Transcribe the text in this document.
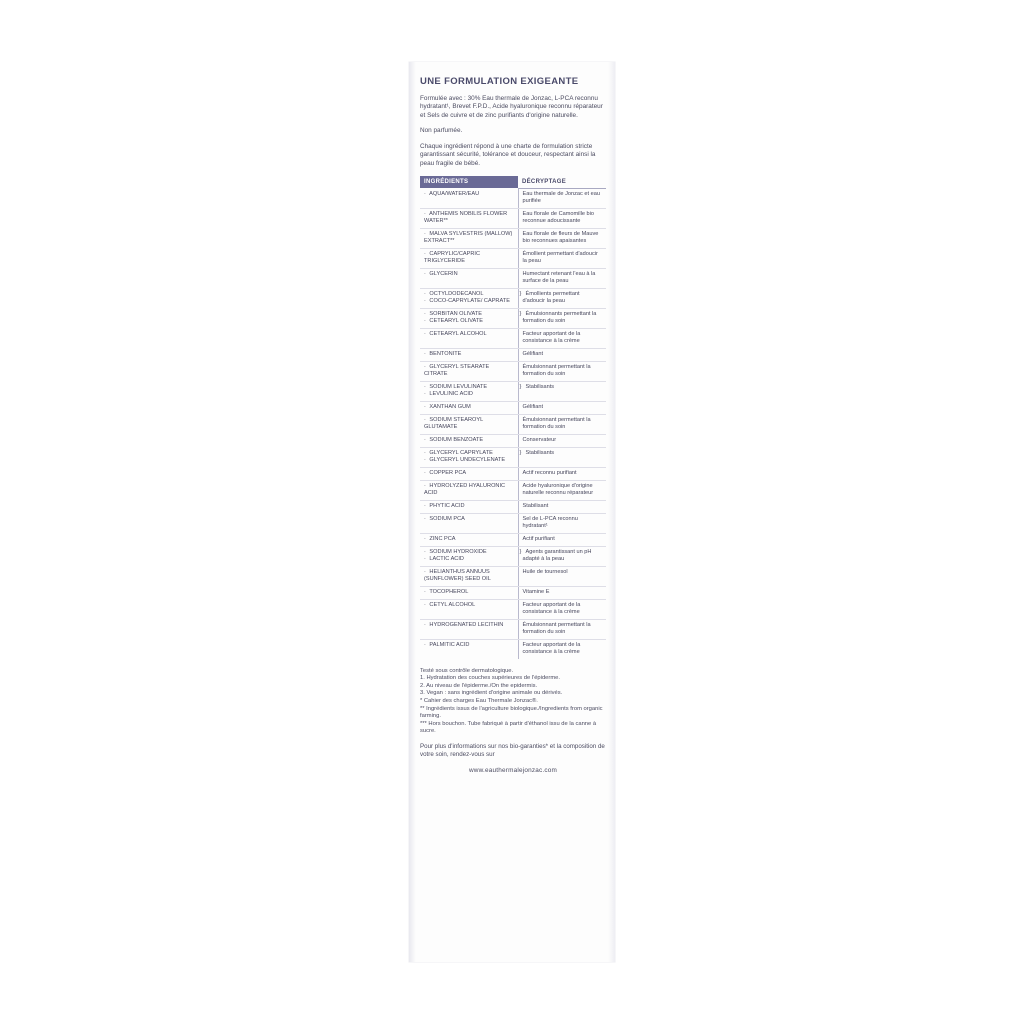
UNE FORMULATION EXIGEANTE

Formulée avec : 30% Eau thermale de Jonzac, L-PCA reconnu hydratant¹, Brevet F.P.D., Acide hyaluronique reconnu réparateur et Sels de cuivre et de zinc purifiants d'origine naturelle.

Non parfumée.

Chaque ingrédient répond à une charte de formulation stricte garantissant sécurité, tolérance et douceur, respectant ainsi la peau fragile de bébé.

INGRÉDIENTS	DÉCRYPTAGE

· AQUA/WATER/EAU	Eau thermale de Jonzac et eau purifiée

· ANTHEMIS NOBILIS FLOWER WATER**	Eau florale de Camomille bio reconnue adoucissante

· MALVA SYLVESTRIS (MALLOW) EXTRACT**	Eau florale de fleurs de Mauve bio reconnues apaisantes

· CAPRYLIC/CAPRIC TRIGLYCERIDE	Émollient permettant d'adoucir la peau

· GLYCERIN	Humectant retenant l'eau à la surface de la peau

· OCTYLDODECANOL
· COCO-CAPRYLATE/ CAPRATE	} Émollients permettant d'adoucir la peau

· SORBITAN OLIVATE
· CETEARYL OLIVATE	} Émulsionnants permettant la formation du soin

· CETEARYL ALCOHOL	Facteur apportant de la consistance à la crème

· BENTONITE	Gélifiant

· GLYCERYL STEARATE CITRATE	Émulsionnant permettant la formation du soin

· SODIUM LEVULINATE
· LEVULINIC ACID	} Stabilisants

· XANTHAN GUM	Gélifiant

· SODIUM STEAROYL GLUTAMATE	Émulsionnant permettant la formation du soin

· SODIUM BENZOATE	Conservateur

· GLYCERYL CAPRYLATE
· GLYCERYL UNDECYLENATE	} Stabilisants

· COPPER PCA	Actif reconnu purifiant

· HYDROLYZED HYALURONIC ACID	Acide hyaluronique d'origine naturelle reconnu réparateur

· PHYTIC ACID	Stabilisant

· SODIUM PCA	Sel de L-PCA reconnu hydratant¹

· ZINC PCA	Actif purifiant

· SODIUM HYDROXIDE
· LACTIC ACID	} Agents garantissant un pH adapté à la peau

· HELIANTHUS ANNUUS (SUNFLOWER) SEED OIL	Huile de tournesol

· TOCOPHEROL	Vitamine E

· CETYL ALCOHOL	Facteur apportant de la consistance à la crème

· HYDROGENATED LECITHIN	Émulsionnant permettant la formation du soin

· PALMITIC ACID	Facteur apportant de la consistance à la crème
Testé sous contrôle dermatologique.
1. Hydratation des couches supérieures de l'épiderme.
2. Au niveau de l'épiderme./On the epidermis.
3. Vegan : sans ingrédient d'origine animale ou dérivés.
* Cahier des charges Eau Thermale Jonzac®.
** Ingrédients issus de l'agriculture biologique./Ingredients from organic farming.
*** Hors bouchon. Tube fabriqué à partir d'éthanol issu de la canne à sucre.
Pour plus d'informations sur nos bio-garanties* et la composition de votre soin, rendez-vous sur
www.eauthermalejonzac.com
